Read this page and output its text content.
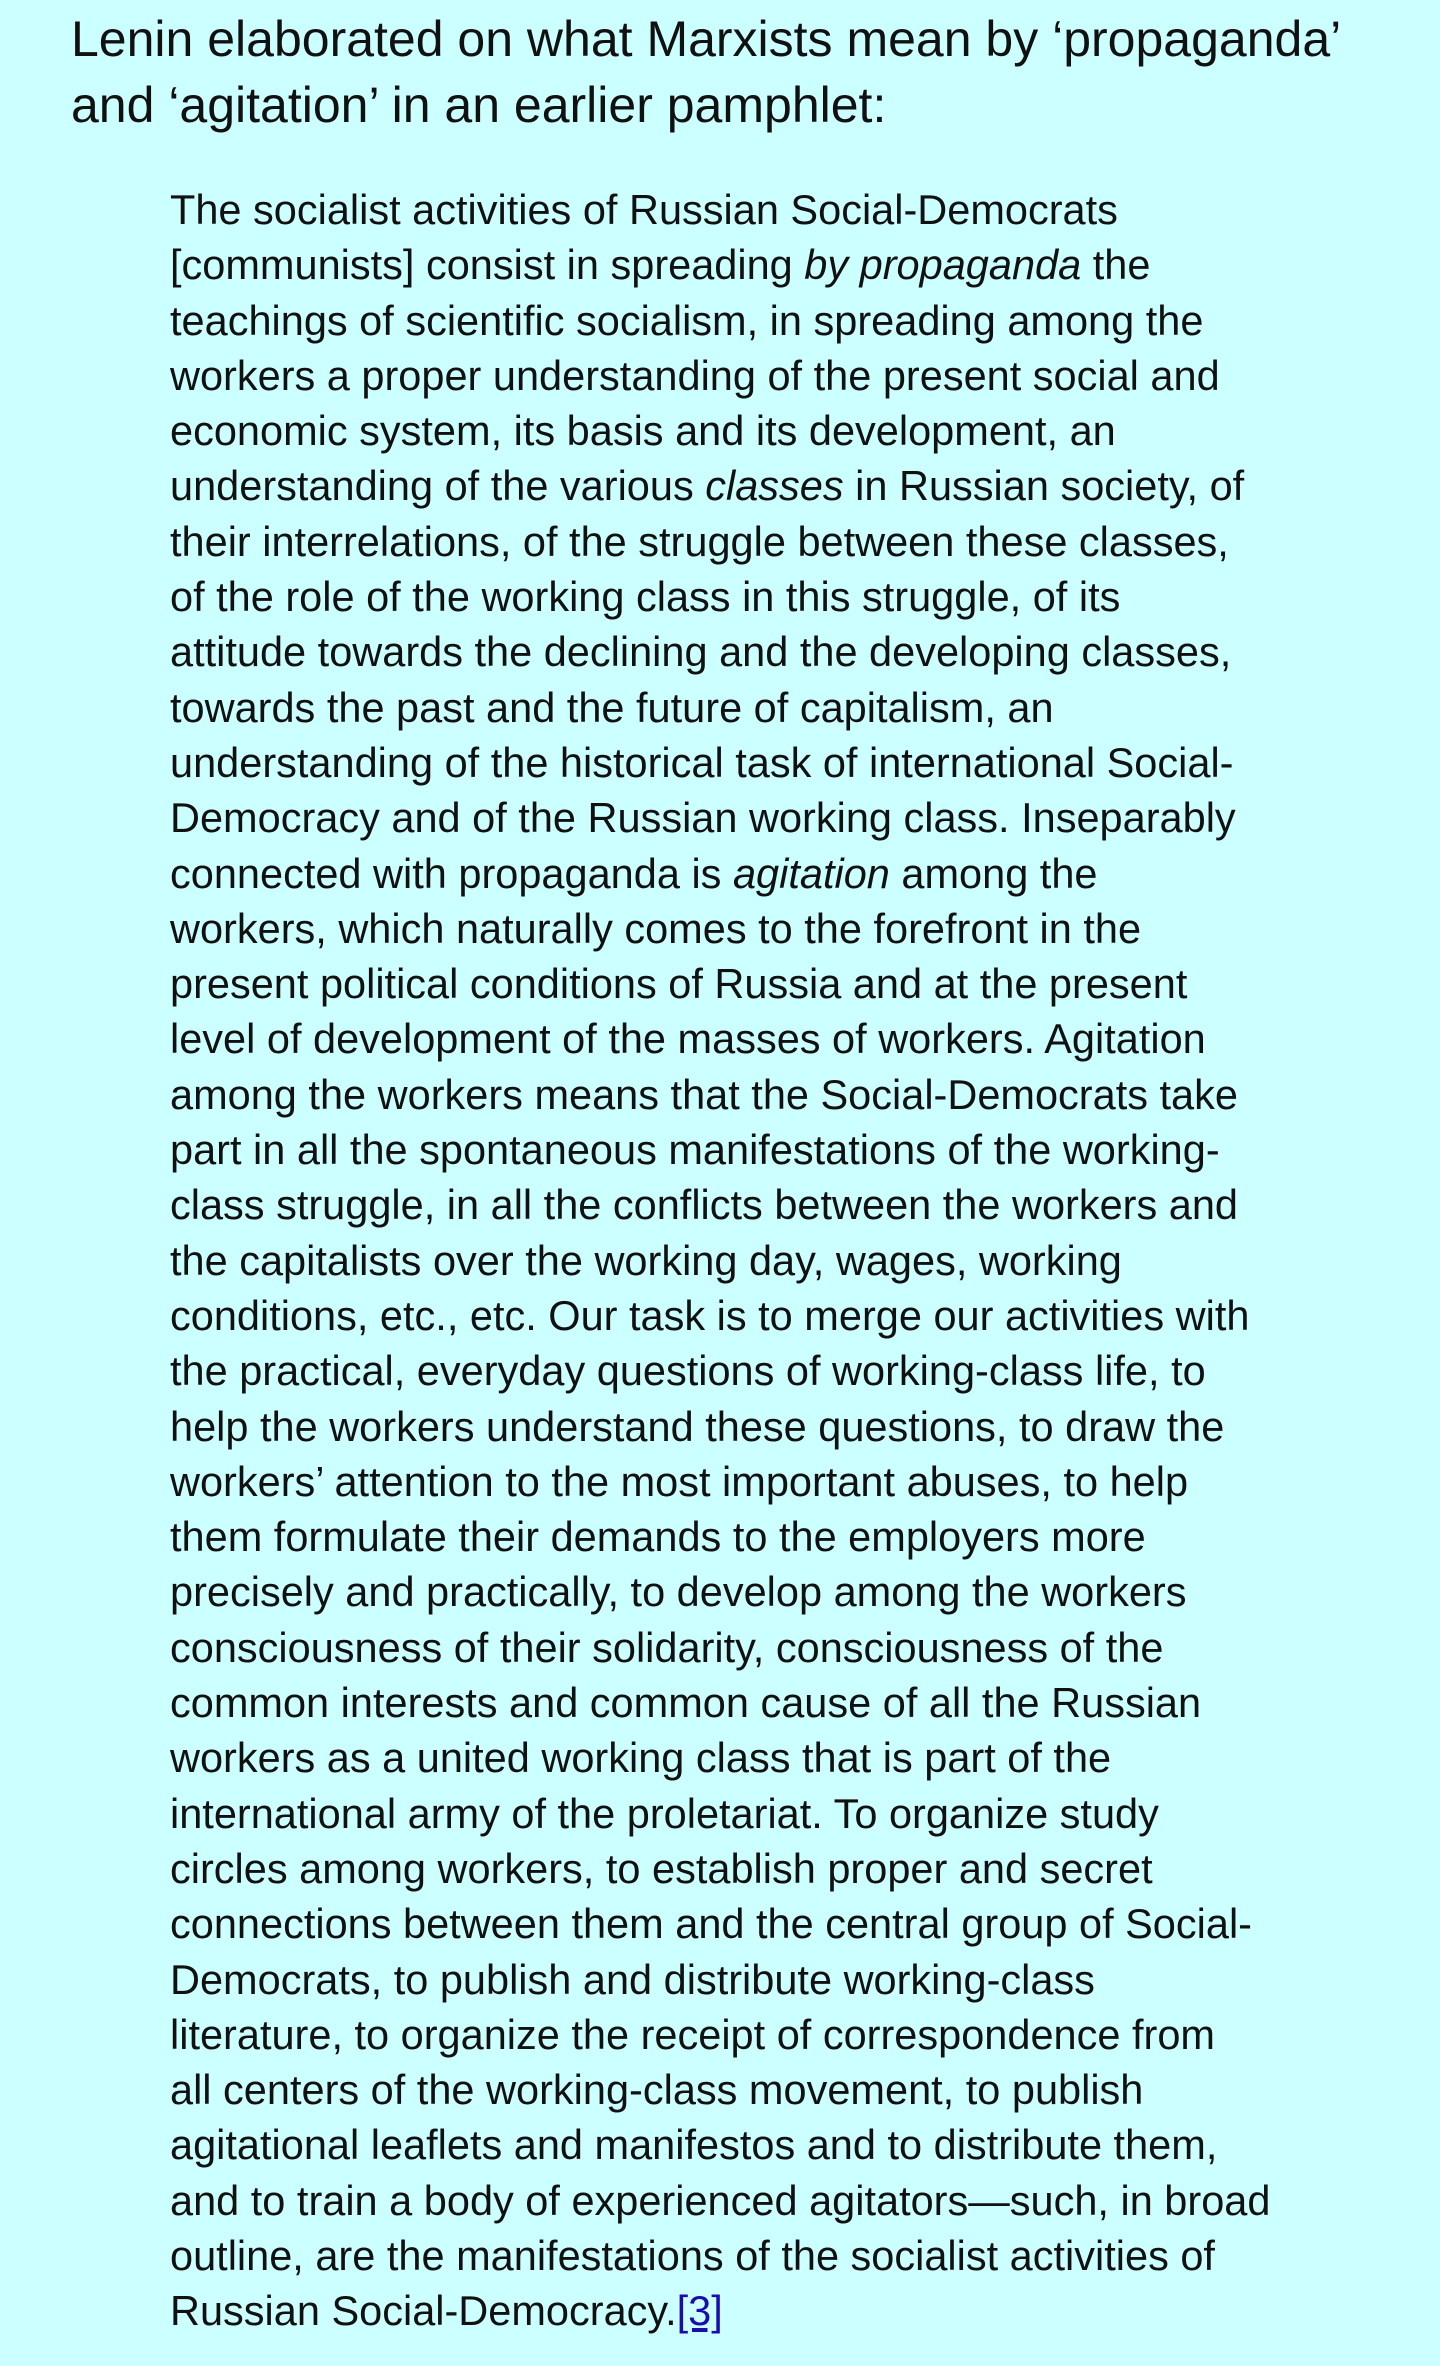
Lenin elaborated on what Marxists mean by ‘propaganda’
and ‘agitation’ in an earlier pamphlet:

The socialist activities of Russian Social-Democrats
[communists] consist in spreading by propaganda the
teachings of scientific socialism, in spreading among the
workers a proper understanding of the present social and
economic system, its basis and its development, an
understanding of the various classes in Russian society, of
their interrelations, of the struggle between these classes,
of the role of the working class in this struggle, of its
attitude towards the declining and the developing classes,
towards the past and the future of capitalism, an
understanding of the historical task of international Social-
Democracy and of the Russian working class. Inseparably
connected with propaganda is agitation among the
workers, which naturally comes to the forefront in the
present political conditions of Russia and at the present
level of development of the masses of workers. Agitation
among the workers means that the Social-Democrats take
part in all the spontaneous manifestations of the working-
class struggle, in all the conflicts between the workers and
the capitalists over the working day, wages, working
conditions, etc., etc. Our task is to merge our activities with
the practical, everyday questions of working-class life, to
help the workers understand these questions, to draw the
workers’ attention to the most important abuses, to help
them formulate their demands to the employers more
precisely and practically, to develop among the workers
consciousness of their solidarity, consciousness of the
common interests and common cause of all the Russian
workers as a united working class that is part of the
international army of the proletariat. To organize study
circles among workers, to establish proper and secret
connections between them and the central group of Social-
Democrats, to publish and distribute working-class
literature, to organize the receipt of correspondence from
all centers of the working-class movement, to publish
agitational leaflets and manifestos and to distribute them,
and to train a body of experienced agitators—such, in broad
outline, are the manifestations of the socialist activities of
Russian Social-Democracy.[3]
